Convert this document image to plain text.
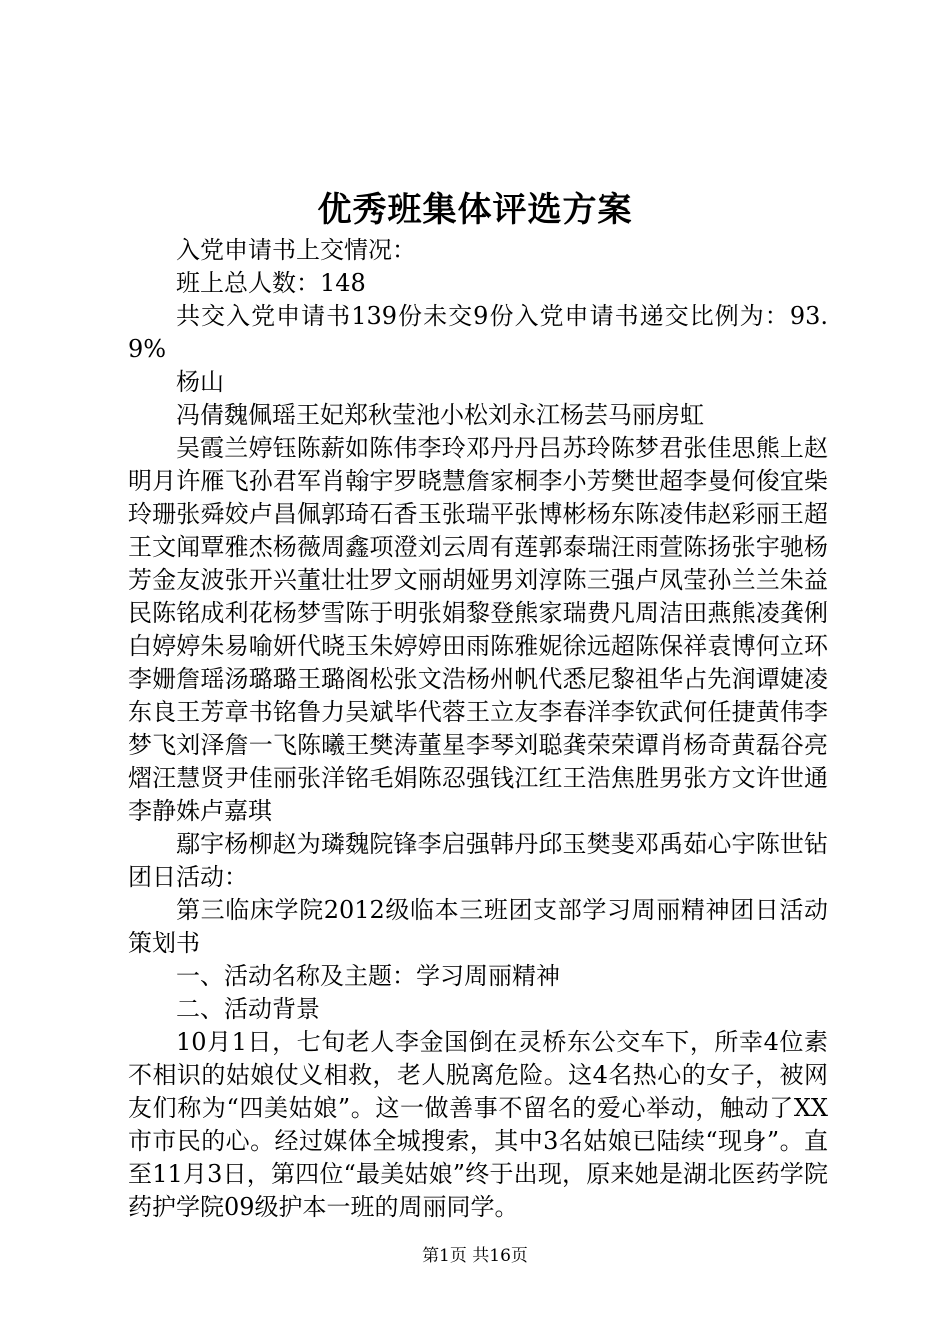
优秀班集体评选方案

入党申请书上交情况：

班上总人数：148

共交入党申请书139份未交9份入党申请书递交比例为：93.9%

杨山

冯倩魏佩瑶王妃郑秋莹池小松刘永江杨芸马丽房虹

吴霞兰婷钰陈薪如陈伟李玲邓丹丹吕苏玲陈梦君张佳思熊上赵明月许雁飞孙君军肖翰宇罗晓慧詹家桐李小芳樊世超李曼何俊宜柴玲珊张舜姣卢昌佩郭琦石香玉张瑞平张博彬杨东陈凌伟赵彩丽王超王文闻覃雅杰杨薇周鑫项澄刘云周有莲郭泰瑞汪雨萱陈扬张宇驰杨芳金友波张开兴董壮壮罗文丽胡娅男刘淳陈三强卢凤莹孙兰兰朱益民陈铭成利花杨梦雪陈于明张娟黎登熊家瑞费凡周洁田燕熊凌龚俐白婷婷朱易喻妍代晓玉朱婷婷田雨陈雅妮徐远超陈保祥袁博何立环李姗詹瑶汤璐璐王璐阁松张文浩杨州帆代悉尼黎祖华占先润谭婕凌东良王芳章书铭鲁力吴斌毕代蓉王立友李春洋李钦武何任捷黄伟李梦飞刘泽詹一飞陈曦王樊涛董星李琴刘聪龚荣荣谭肖杨奇黄磊谷亮熠汪慧贤尹佳丽张洋铭毛娟陈忍强钱江红王浩焦胜男张方文许世通李静姝卢嘉琪

鄢宇杨柳赵为璘魏院锋李启强韩丹邱玉樊斐邓禹茹心宇陈世钻团日活动：

第三临床学院2012级临本三班团支部学习周丽精神团日活动策划书

一、活动名称及主题：学习周丽精神

二、活动背景

10月1日，七旬老人李金国倒在灵桥东公交车下，所幸4位素不相识的姑娘仗义相救，老人脱离危险。这4名热心的女子，被网友们称为“四美姑娘”。这一做善事不留名的爱心举动，触动了XX市市民的心。经过媒体全城搜索，其中3名姑娘已陆续“现身”。直至11月3日，第四位“最美姑娘”终于出现，原来她是湖北医药学院药护学院09级护本一班的周丽同学。

第1页 共16页
